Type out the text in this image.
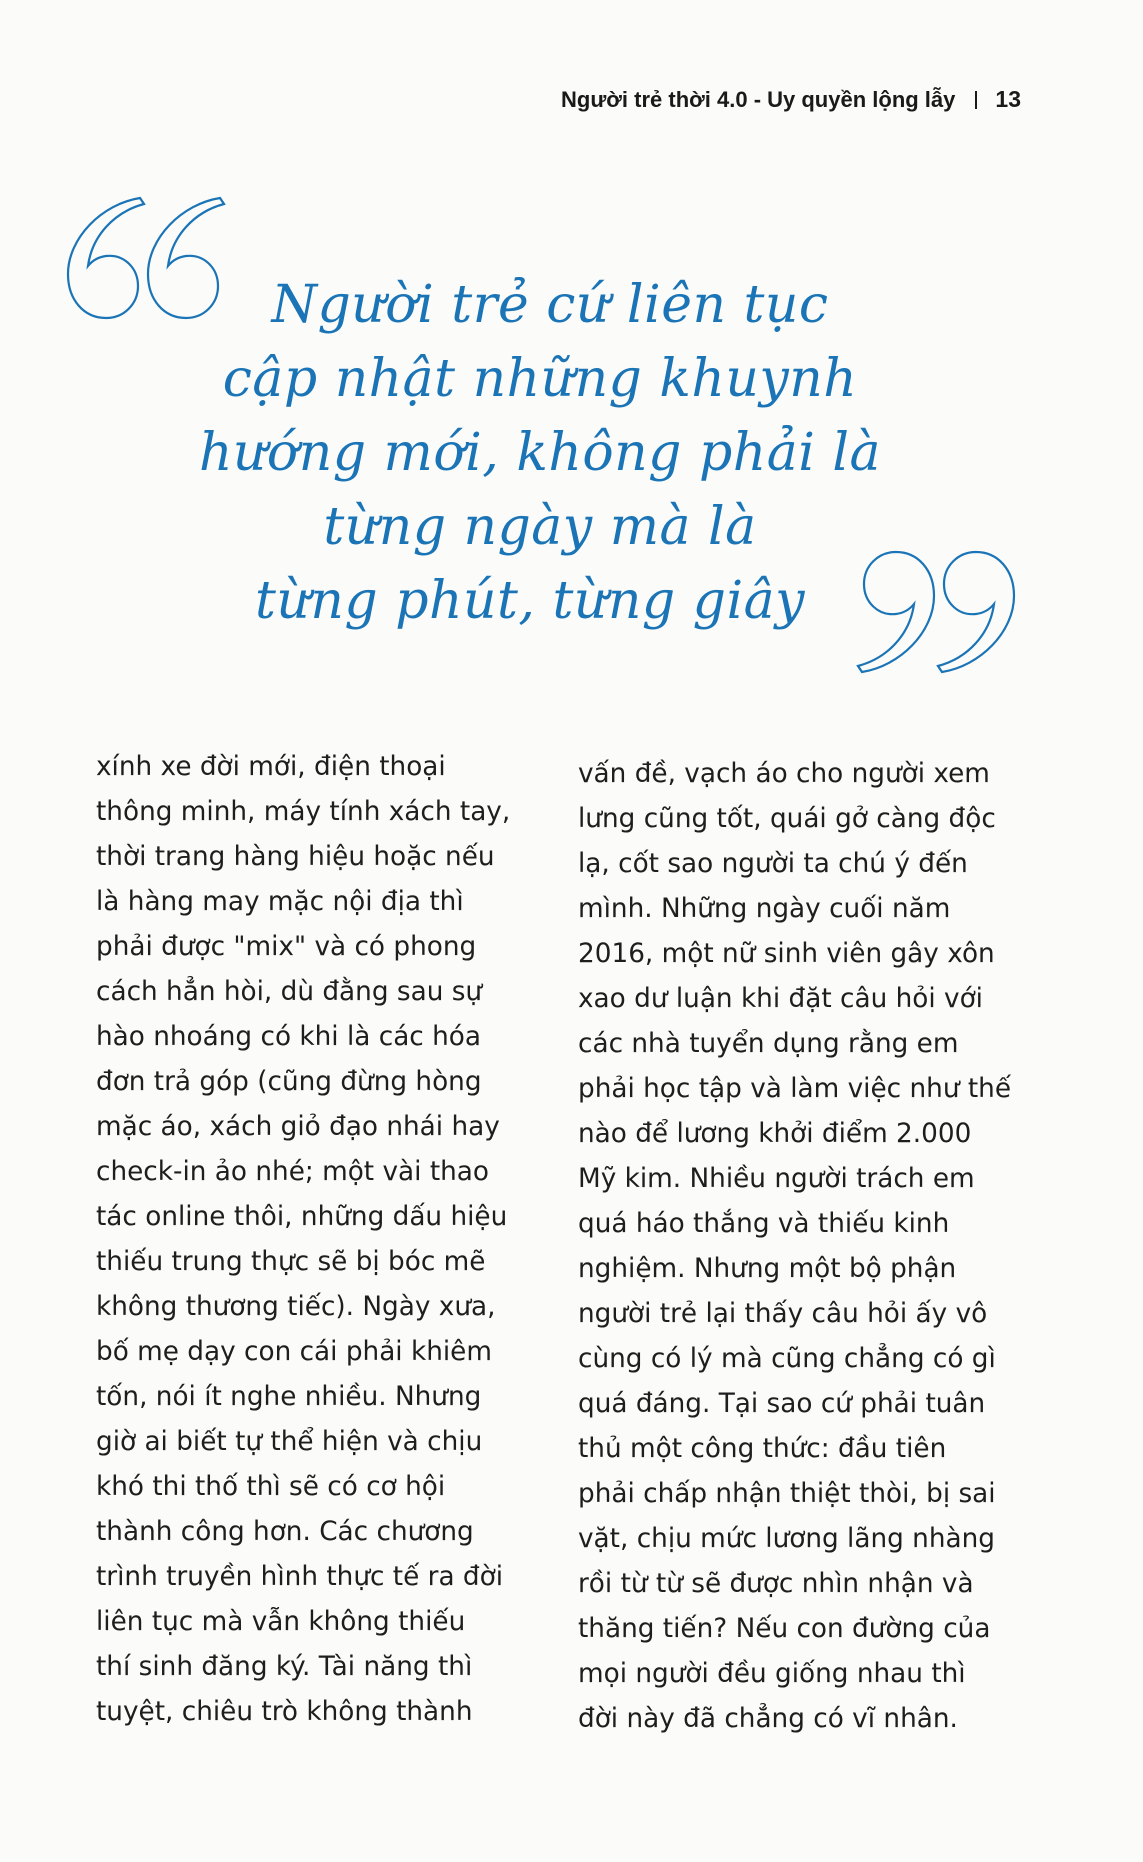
Người trẻ thời 4.0 - Uy quyền lộng lẫy 13
Người trẻ cứ liên tục
cập nhật những khuynh
hướng mới, không phải là
từng ngày mà là
từng phút, từng giây
xính xe đời mới, điện thoại
thông minh, máy tính xách tay,
thời trang hàng hiệu hoặc nếu
là hàng may mặc nội địa thì
phải được "mix" và có phong
cách hẳn hòi, dù đằng sau sự
hào nhoáng có khi là các hóa
đơn trả góp (cũng đừng hòng
mặc áo, xách giỏ đạo nhái hay
check-in ảo nhé; một vài thao
tác online thôi, những dấu hiệu
thiếu trung thực sẽ bị bóc mẽ
không thương tiếc). Ngày xưa,
bố mẹ dạy con cái phải khiêm
tốn, nói ít nghe nhiều. Nhưng
giờ ai biết tự thể hiện và chịu
khó thi thố thì sẽ có cơ hội
thành công hơn. Các chương
trình truyền hình thực tế ra đời
liên tục mà vẫn không thiếu
thí sinh đăng ký. Tài năng thì
tuyệt, chiêu trò không thành
vấn đề, vạch áo cho người xem
lưng cũng tốt, quái gở càng độc
lạ, cốt sao người ta chú ý đến
mình. Những ngày cuối năm
2016, một nữ sinh viên gây xôn
xao dư luận khi đặt câu hỏi với
các nhà tuyển dụng rằng em
phải học tập và làm việc như thế
nào để lương khởi điểm 2.000
Mỹ kim. Nhiều người trách em
quá háo thắng và thiếu kinh
nghiệm. Nhưng một bộ phận
người trẻ lại thấy câu hỏi ấy vô
cùng có lý mà cũng chẳng có gì
quá đáng. Tại sao cứ phải tuân
thủ một công thức: đầu tiên
phải chấp nhận thiệt thòi, bị sai
vặt, chịu mức lương lãng nhàng
rồi từ từ sẽ được nhìn nhận và
thăng tiến? Nếu con đường của
mọi người đều giống nhau thì
đời này đã chẳng có vĩ nhân.
